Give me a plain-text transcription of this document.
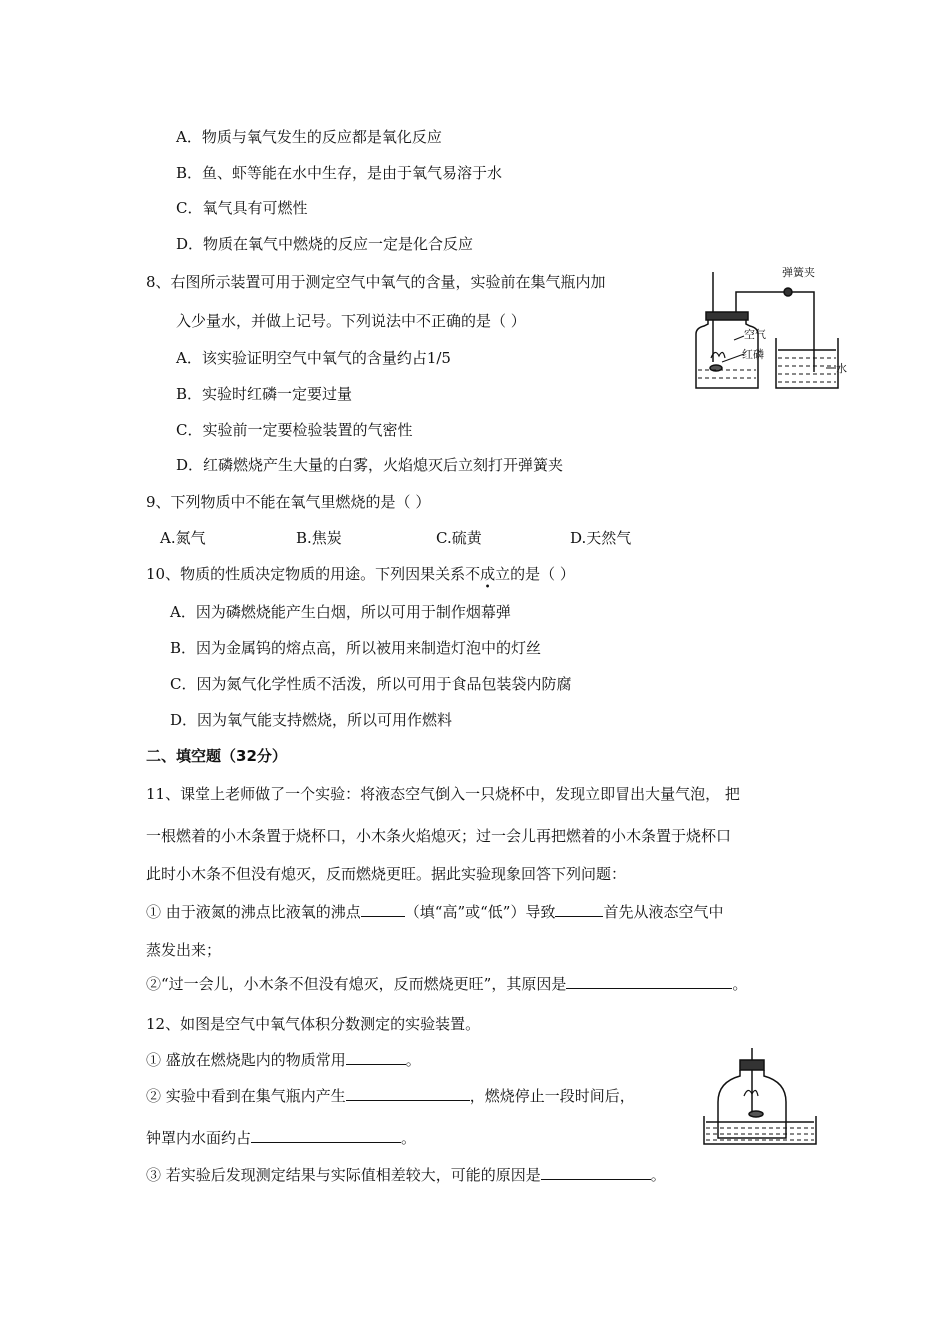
A．物质与氧气发生的反应都是氧化反应
B．鱼、虾等能在水中生存，是由于氧气易溶于水
C．氧气具有可燃性
D．物质在氧气中燃烧的反应一定是化合反应
8、右图所示装置可用于测定空气中氧气的含量，实验前在集气瓶内加
入少量水，并做上记号。下列说法中不正确的是（ ）
A．该实验证明空气中氧气的含量约占1/5
B．实验时红磷一定要过量
C．实验前一定要检验装置的气密性
D．红磷燃烧产生大量的白雾，火焰熄灭后立刻打开弹簧夹
弹簧夹
空气
红磷
水
9、下列物质中不能在氧气里燃烧的是（ ）
A.氮气	B.焦炭	C.硫黄	D.天然气
10、物质的性质决定物质的用途。下列因果关系不成立的是（ ）
A．因为磷燃烧能产生白烟，所以可用于制作烟幕弹
B．因为金属钨的熔点高，所以被用来制造灯泡中的灯丝
C．因为氮气化学性质不活泼，所以可用于食品包装袋内防腐
D．因为氧气能支持燃烧，所以可用作燃料
二、填空题（32分）
11、课堂上老师做了一个实验：将液态空气倒入一只烧杯中，发现立即冒出大量气泡， 把
一根燃着的小木条置于烧杯口，小木条火焰熄灭；过一会儿再把燃着的小木条置于烧杯口
此时小木条不但没有熄灭，反而燃烧更旺。据此实验现象回答下列问题：
① 由于液氮的沸点比液氧的沸点	（填“高”或“低”）导致	首先从液态空气中
蒸发出来；
②“过一会儿，小木条不但没有熄灭，反而燃烧更旺”，其原因是	。
12、如图是空气中氧气体积分数测定的实验装置。
① 盛放在燃烧匙内的物质常用	。
② 实验中看到在集气瓶内产生	，燃烧停止一段时间后，
钟罩内水面约占	。
③ 若实验后发现测定结果与实际值相差较大，可能的原因是	。
